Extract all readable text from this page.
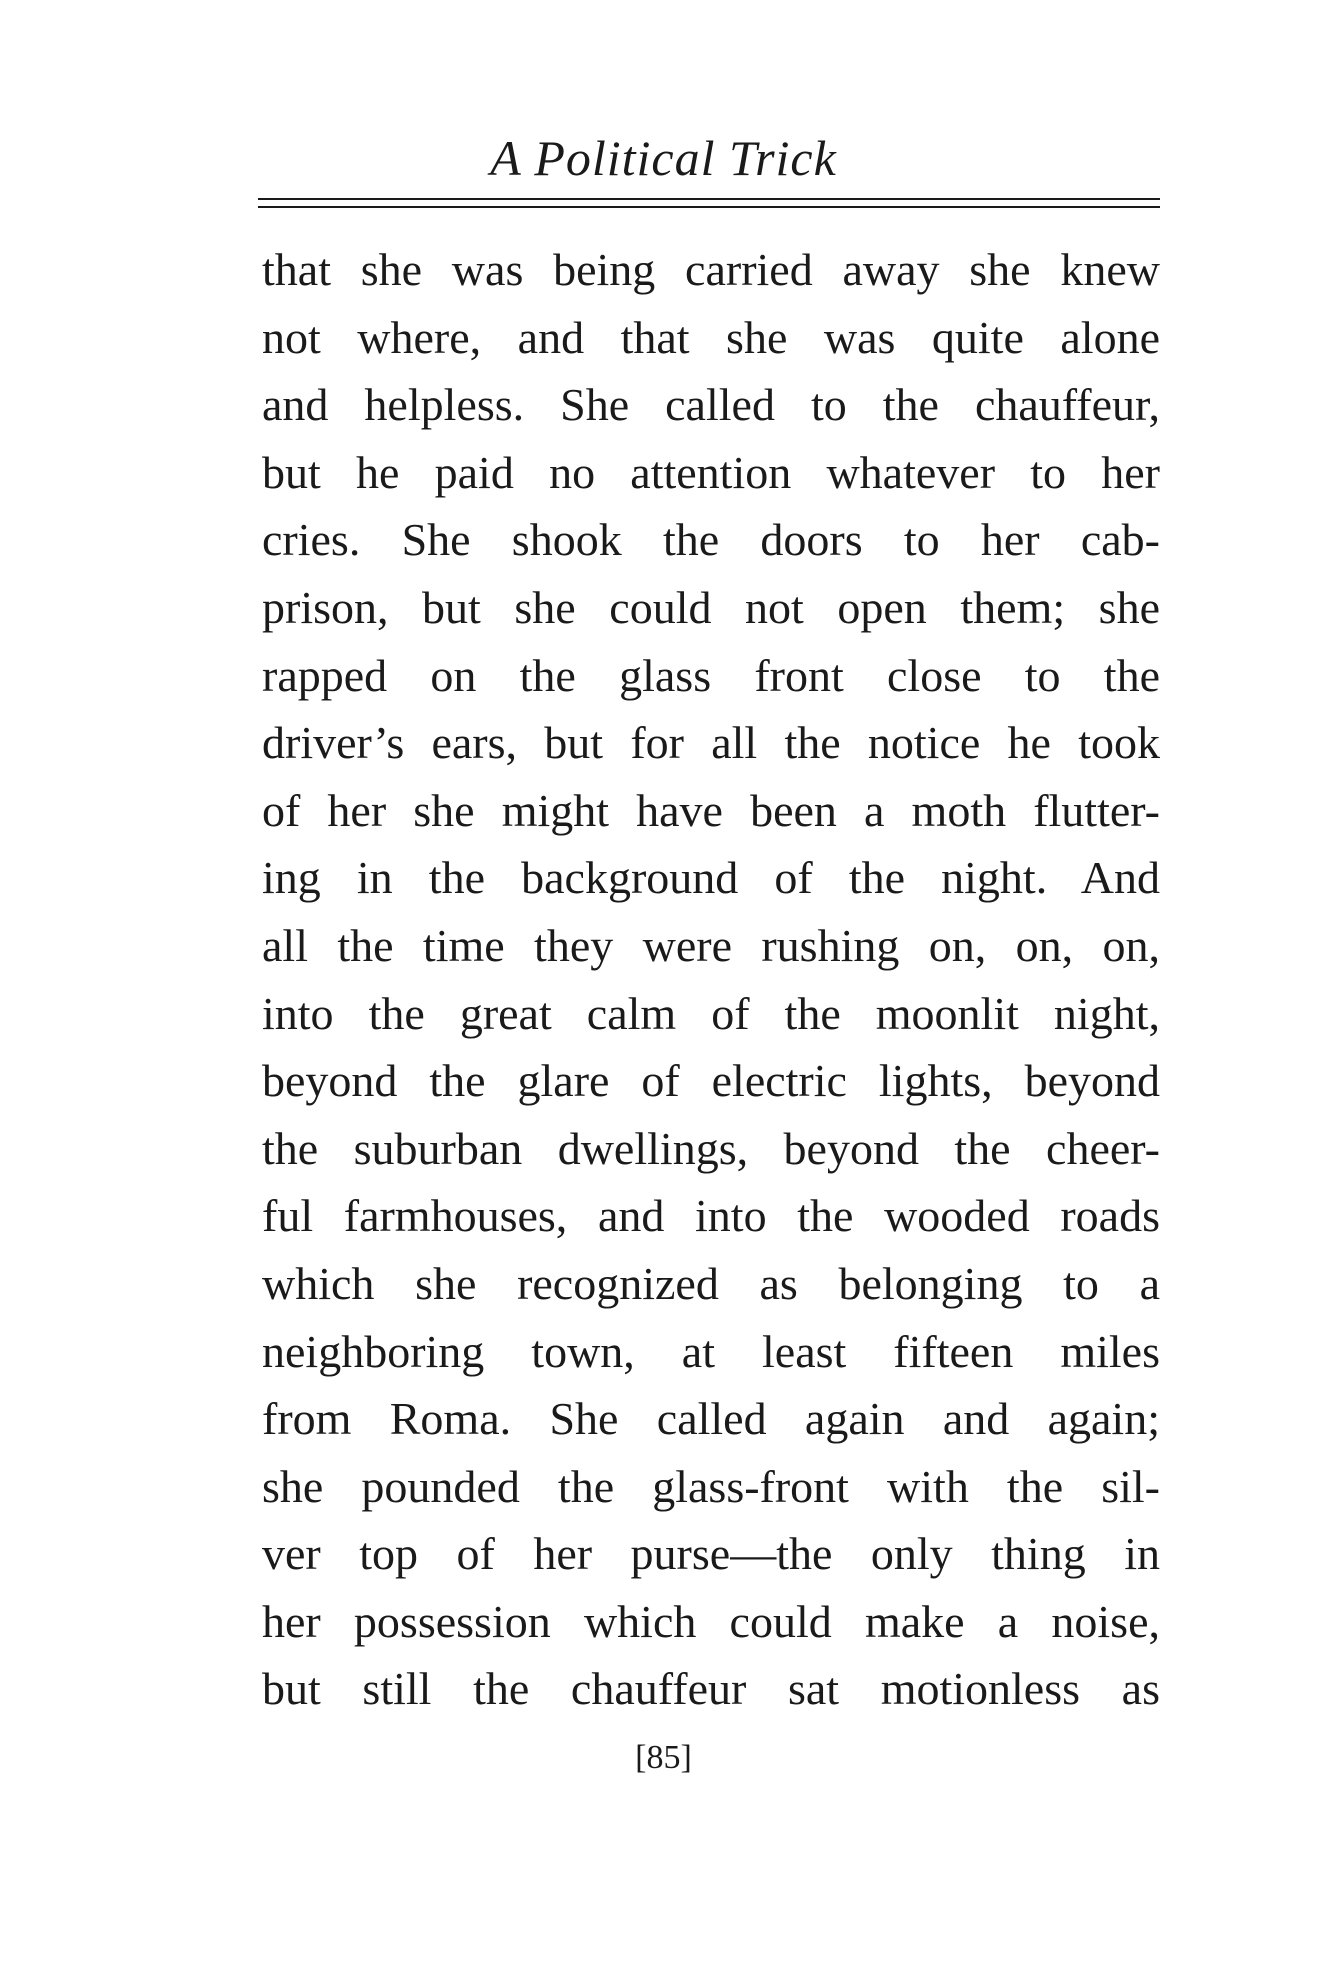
A Political Trick
that she was being carried away she knew
not where, and that she was quite alone
and helpless. She called to the chauffeur,
but he paid no attention whatever to her
cries. She shook the doors to her cab-
prison, but she could not open them; she
rapped on the glass front close to the
driver’s ears, but for all the notice he took
of her she might have been a moth flutter-
ing in the background of the night. And
all the time they were rushing on, on, on,
into the great calm of the moonlit night,
beyond the glare of electric lights, beyond
the suburban dwellings, beyond the cheer-
ful farmhouses, and into the wooded roads
which she recognized as belonging to a
neighboring town, at least fifteen miles
from Roma. She called again and again;
she pounded the glass-front with the sil-
ver top of her purse—the only thing in
her possession which could make a noise,
but still the chauffeur sat motionless as
[85]
